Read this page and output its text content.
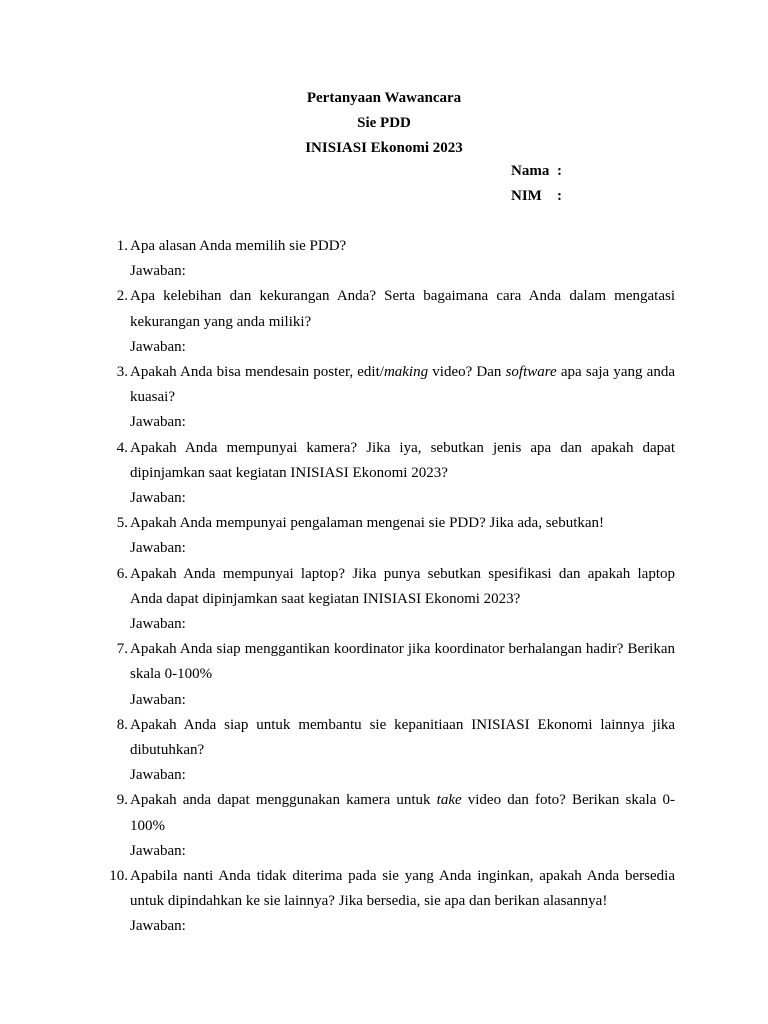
Pertanyaan Wawancara
Sie PDD
INISIASI Ekonomi 2023
Nama :
NIM :
1. Apa alasan Anda memilih sie PDD?

Jawaban:

2. Apa kelebihan dan kekurangan Anda? Serta bagaimana cara Anda dalam mengatasi kekurangan yang anda miliki?

Jawaban:

3. Apakah Anda bisa mendesain poster, edit/making video? Dan software apa saja yang anda kuasai?

Jawaban:

4. Apakah Anda mempunyai kamera? Jika iya, sebutkan jenis apa dan apakah dapat dipinjamkan saat kegiatan INISIASI Ekonomi 2023?

Jawaban:

5. Apakah Anda mempunyai pengalaman mengenai sie PDD? Jika ada, sebutkan!

Jawaban:

6. Apakah Anda mempunyai laptop? Jika punya sebutkan spesifikasi dan apakah laptop Anda dapat dipinjamkan saat kegiatan INISIASI Ekonomi 2023?

Jawaban:

7. Apakah Anda siap menggantikan koordinator jika koordinator berhalangan hadir? Berikan skala 0-100%

Jawaban:

8. Apakah Anda siap untuk membantu sie kepanitiaan INISIASI Ekonomi lainnya jika dibutuhkan?

Jawaban:

9. Apakah anda dapat menggunakan kamera untuk take video dan foto? Berikan skala 0-100%

Jawaban:

10. Apabila nanti Anda tidak diterima pada sie yang Anda inginkan, apakah Anda bersedia untuk dipindahkan ke sie lainnya? Jika bersedia, sie apa dan berikan alasannya!

Jawaban:
